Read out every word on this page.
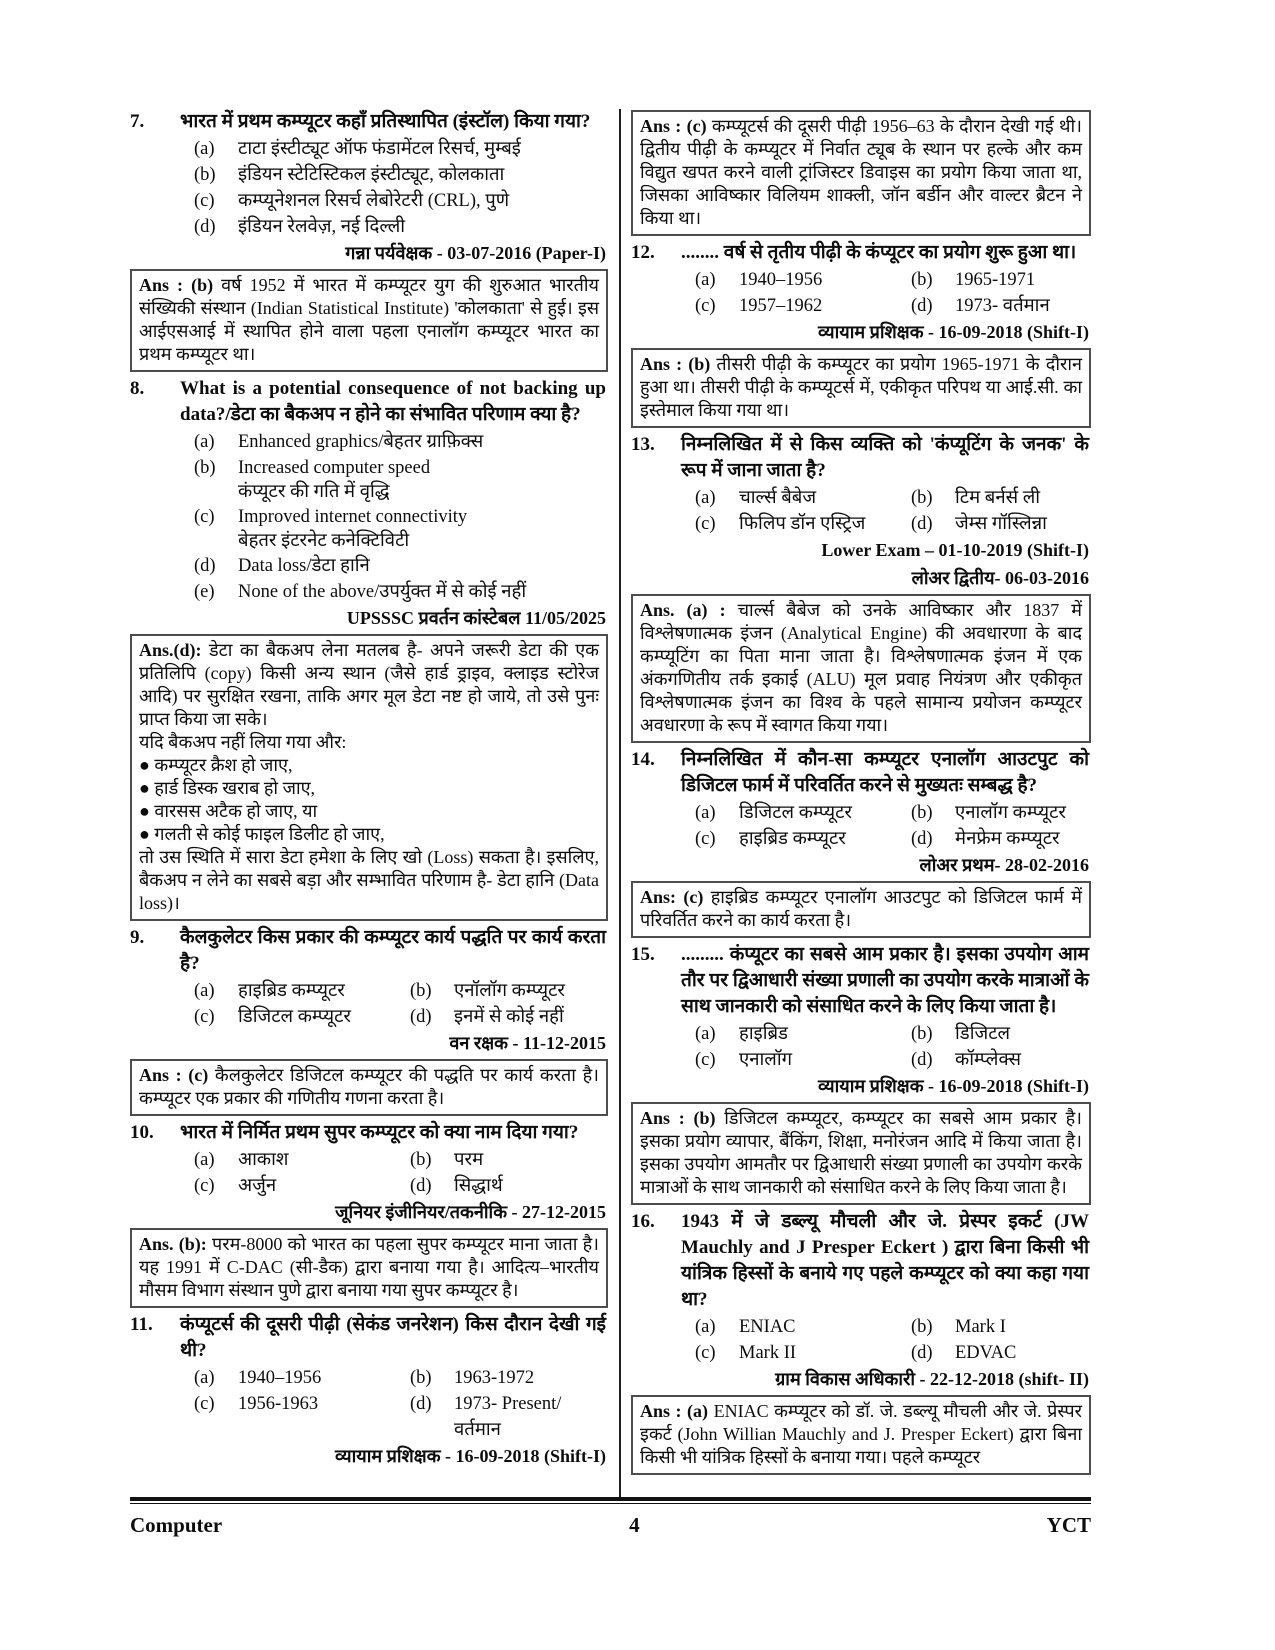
7.	भारत में प्रथम कम्प्यूटर कहाँ प्रतिस्थापित (इंस्टॉल) किया गया?
(a)	टाटा इंस्टीट्यूट ऑफ फंडामेंटल रिसर्च, मुम्बई
(b)	इंडियन स्टेटिस्टिकल इंस्टीट्यूट, कोलकाता
(c)	कम्प्यूनेशनल रिसर्च लेबोरेटरी (CRL), पुणे
(d)	इंडियन रेलवेज़, नई दिल्ली
गन्ना पर्यवेक्षक - 03-07-2016 (Paper-I)
Ans : (b) वर्ष 1952 में भारत में कम्प्यूटर युग की शुरुआत भारतीय संख्यिकी संस्थान (Indian Statistical Institute) 'कोलकाता' से हुई। इस आईएसआई में स्थापित होने वाला पहला एनालॉग कम्प्यूटर भारत का प्रथम कम्प्यूटर था।
8.	What is a potential consequence of not backing up data?/डेटा का बैकअप न होने का संभावित परिणाम क्या है?
(a)	Enhanced graphics/बेहतर ग्राफ़िक्स
(b)	Increased computer speed
कंप्यूटर की गति में वृद्धि
(c)	Improved internet connectivity
बेहतर इंटरनेट कनेक्टिविटी
(d)	Data loss/डेटा हानि
(e)	None of the above/उपर्युक्त में से कोई नहीं
UPSSSC प्रवर्तन कांस्टेबल 11/05/2025
Ans.(d): डेटा का बैकअप लेना मतलब है- अपने जरूरी डेटा की एक प्रतिलिपि (copy) किसी अन्य स्थान (जैसे हार्ड ड्राइव, क्लाइड स्टोरेज आदि) पर सुरक्षित रखना, ताकि अगर मूल डेटा नष्ट हो जाये, तो उसे पुनः प्राप्त किया जा सके।
यदि बैकअप नहीं लिया गया और:
● कम्प्यूटर क्रैश हो जाए,
● हार्ड डिस्क खराब हो जाए,
● वारसस अटैक हो जाए, या
● गलती से कोई फाइल डिलीट हो जाए,
तो उस स्थिति में सारा डेटा हमेशा के लिए खो (Loss) सकता है। इसलिए, बैकअप न लेने का सबसे बड़ा और सम्भावित परिणाम है- डेटा हानि (Data loss)।
9.	कैलकुलेटर किस प्रकार की कम्प्यूटर कार्य पद्धति पर कार्य करता है?
(a)	हाइब्रिड कम्प्यूटर	(b)	एनॉलॉग कम्प्यूटर
(c)	डिजिटल कम्प्यूटर	(d)	इनमें से कोई नहीं
वन रक्षक - 11-12-2015
Ans : (c) कैलकुलेटर डिजिटल कम्प्यूटर की पद्धति पर कार्य करता है। कम्प्यूटर एक प्रकार की गणितीय गणना करता है।
10.	भारत में निर्मित प्रथम सुपर कम्प्यूटर को क्या नाम दिया गया?
(a)	आकाश	(b)	परम
(c)	अर्जुन	(d)	सिद्धार्थ
जूनियर इंजीनियर/तकनीकि - 27-12-2015
Ans. (b): परम-8000 को भारत का पहला सुपर कम्प्यूटर माना जाता है। यह 1991 में C-DAC (सी-डैक) द्वारा बनाया गया है। आदित्य–भारतीय मौसम विभाग संस्थान पुणे द्वारा बनाया गया सुपर कम्प्यूटर है।
11.	कंप्यूटर्स की दूसरी पीढ़ी (सेकंड जनरेशन) किस दौरान देखी गई थी?
(a)	1940–1956	(b)	1963-1972
(c)	1956-1963	(d)	1973- Present/वर्तमान
व्यायाम प्रशिक्षक - 16-09-2018 (Shift-I)
Ans : (c) कम्प्यूटर्स की दूसरी पीढ़ी 1956–63 के दौरान देखी गई थी। द्वितीय पीढ़ी के कम्प्यूटर में निर्वात ट्यूब के स्थान पर हल्के और कम विद्युत खपत करने वाली ट्रांजिस्टर डिवाइस का प्रयोग किया जाता था, जिसका आविष्कार विलियम शाक्ली, जॉन बर्डीन और वाल्टर ब्रैटन ने किया था।
12.	........ वर्ष से तृतीय पीढ़ी के कंप्यूटर का प्रयोग शुरू हुआ था।
(a)	1940–1956	(b)	1965-1971
(c)	1957–1962	(d)	1973- वर्तमान
व्यायाम प्रशिक्षक - 16-09-2018 (Shift-I)
Ans : (b) तीसरी पीढ़ी के कम्प्यूटर का प्रयोग 1965-1971 के दौरान हुआ था। तीसरी पीढ़ी के कम्प्यूटर्स में, एकीकृत परिपथ या आई.सी. का इस्तेमाल किया गया था।
13.	निम्नलिखित में से किस व्यक्ति को 'कंप्यूटिंग के जनक' के रूप में जाना जाता है?
(a)	चार्ल्स बैबेज	(b)	टिम बर्नर्स ली
(c)	फिलिप डॉन एस्ट्रिज	(d)	जेम्स गॉस्लिन्ना
Lower Exam – 01-10-2019 (Shift-I)
लोअर द्वितीय- 06-03-2016
Ans. (a) : चार्ल्स बैबेज को उनके आविष्कार और 1837 में विश्लेषणात्मक इंजन (Analytical Engine) की अवधारणा के बाद कम्प्यूटिंग का पिता माना जाता है। विश्लेषणात्मक इंजन में एक अंकगणितीय तर्क इकाई (ALU) मूल प्रवाह नियंत्रण और एकीकृत विश्लेषणात्मक इंजन का विश्व के पहले सामान्य प्रयोजन कम्प्यूटर अवधारणा के रूप में स्वागत किया गया।
14.	निम्नलिखित में कौन-सा कम्प्यूटर एनालॉग आउटपुट को डिजिटल फार्म में परिवर्तित करने से मुख्यतः सम्बद्ध है?
(a)	डिजिटल कम्प्यूटर	(b)	एनालॉग कम्प्यूटर
(c)	हाइब्रिड कम्प्यूटर	(d)	मेनफ्रेम कम्प्यूटर
लोअर प्रथम- 28-02-2016
Ans: (c) हाइब्रिड कम्प्यूटर एनालॉग आउटपुट को डिजिटल फार्म में परिवर्तित करने का कार्य करता है।
15.	......... कंप्यूटर का सबसे आम प्रकार है। इसका उपयोग आम तौर पर द्विआधारी संख्या प्रणाली का उपयोग करके मात्राओं के साथ जानकारी को संसाधित करने के लिए किया जाता है।
(a)	हाइब्रिड	(b)	डिजिटल
(c)	एनालॉग	(d)	कॉम्प्लेक्स
व्यायाम प्रशिक्षक - 16-09-2018 (Shift-I)
Ans : (b) डिजिटल कम्प्यूटर, कम्प्यूटर का सबसे आम प्रकार है। इसका प्रयोग व्यापार, बैंकिंग, शिक्षा, मनोरंजन आदि में किया जाता है। इसका उपयोग आमतौर पर द्विआधारी संख्या प्रणाली का उपयोग करके मात्राओं के साथ जानकारी को संसाधित करने के लिए किया जाता है।
16.	1943 में जे डब्ल्यू मौचली और जे. प्रेस्पर इकर्ट (JW Mauchly and J Presper Eckert ) द्वारा बिना किसी भी यांत्रिक हिस्सों के बनाये गए पहले कम्प्यूटर को क्या कहा गया था?
(a)	ENIAC	(b)	Mark I
(c)	Mark II	(d)	EDVAC
ग्राम विकास अधिकारी - 22-12-2018 (shift- II)
Ans : (a) ENIAC कम्प्यूटर को डॉ. जे. डब्ल्यू मौचली और जे. प्रेस्पर इकर्ट (John Willian Mauchly and J. Presper Eckert) द्वारा बिना किसी भी यांत्रिक हिस्सों के बनाया गया। पहले कम्प्यूटर
Computer	4	YCT
